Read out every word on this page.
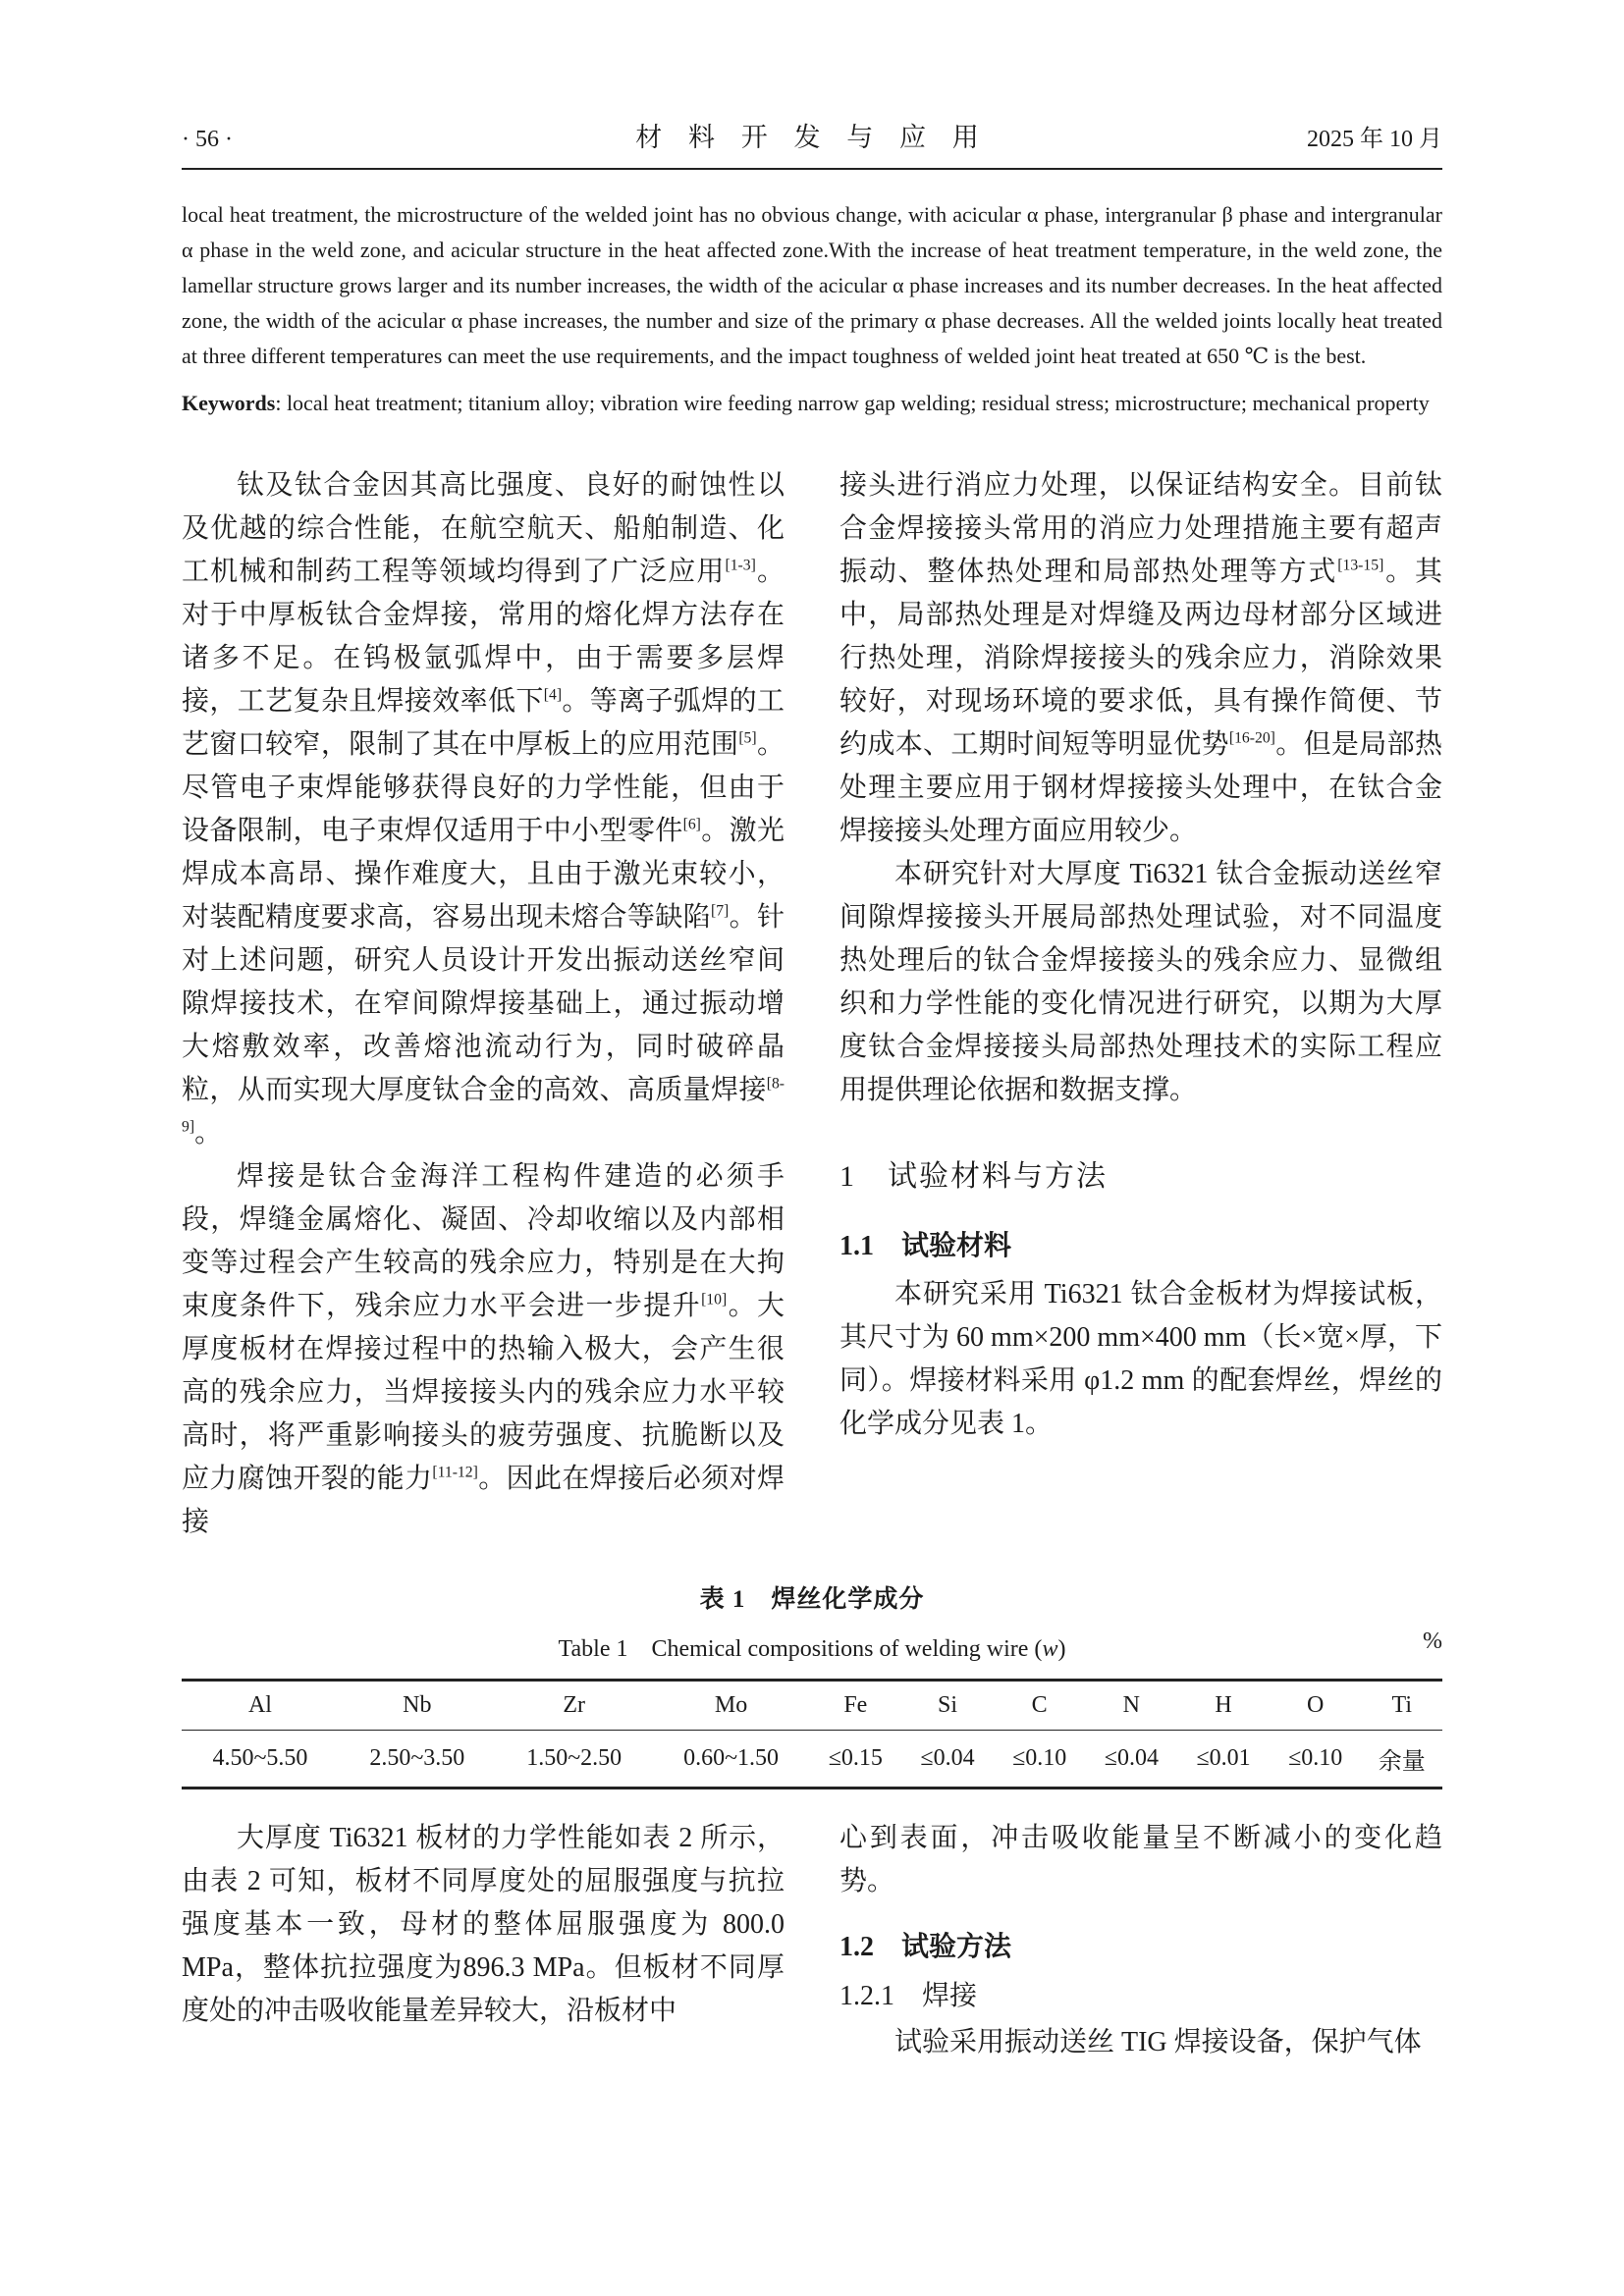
· 56 ·	材 料 开 发 与 应 用	2025 年 10 月

local heat treatment, the microstructure of the welded joint has no obvious change, with acicular α phase, intergranular β phase and intergranular α phase in the weld zone, and acicular structure in the heat affected zone.With the increase of heat treatment temperature, in the weld zone, the lamellar structure grows larger and its number increases, the width of the acicular α phase increases and its number decreases. In the heat affected zone, the width of the acicular α phase increases, the number and size of the primary α phase decreases. All the welded joints locally heat treated at three different temperatures can meet the use requirements, and the impact toughness of welded joint heat treated at 650 ℃ is the best.

Keywords: local heat treatment; titanium alloy; vibration wire feeding narrow gap welding; residual stress; microstructure; mechanical property

钛及钛合金因其高比强度、良好的耐蚀性以及优越的综合性能，在航空航天、船舶制造、化工机械和制药工程等领域均得到了广泛应用[1-3]。对于中厚板钛合金焊接，常用的熔化焊方法存在诸多不足。在钨极氩弧焊中，由于需要多层焊接，工艺复杂且焊接效率低下[4]。等离子弧焊的工艺窗口较窄，限制了其在中厚板上的应用范围[5]。尽管电子束焊能够获得良好的力学性能，但由于设备限制，电子束焊仅适用于中小型零件[6]。激光焊成本高昂、操作难度大，且由于激光束较小，对装配精度要求高，容易出现未熔合等缺陷[7]。针对上述问题，研究人员设计开发出振动送丝窄间隙焊接技术，在窄间隙焊接基础上，通过振动增大熔敷效率，改善熔池流动行为，同时破碎晶粒，从而实现大厚度钛合金的高效、高质量焊接[8-9]。

焊接是钛合金海洋工程构件建造的必须手段，焊缝金属熔化、凝固、冷却收缩以及内部相变等过程会产生较高的残余应力，特别是在大拘束度条件下，残余应力水平会进一步提升[10]。大厚度板材在焊接过程中的热输入极大，会产生很高的残余应力，当焊接接头内的残余应力水平较高时，将严重影响接头的疲劳强度、抗脆断以及应力腐蚀开裂的能力[11-12]。因此在焊接后必须对焊接

接头进行消应力处理，以保证结构安全。目前钛合金焊接接头常用的消应力处理措施主要有超声振动、整体热处理和局部热处理等方式[13-15]。其中，局部热处理是对焊缝及两边母材部分区域进行热处理，消除焊接接头的残余应力，消除效果较好，对现场环境的要求低，具有操作简便、节约成本、工期时间短等明显优势[16-20]。但是局部热处理主要应用于钢材焊接接头处理中，在钛合金焊接接头处理方面应用较少。

本研究针对大厚度 Ti6321 钛合金振动送丝窄间隙焊接接头开展局部热处理试验，对不同温度热处理后的钛合金焊接接头的残余应力、显微组织和力学性能的变化情况进行研究，以期为大厚度钛合金焊接接头局部热处理技术的实际工程应用提供理论依据和数据支撑。

1　试验材料与方法
1.1　试验材料

本研究采用 Ti6321 钛合金板材为焊接试板，其尺寸为 60 mm×200 mm×400 mm（长×宽×厚，下同）。焊接材料采用 φ1.2 mm 的配套焊丝，焊丝的化学成分见表 1。

表 1　焊丝化学成分
Table 1　Chemical compositions of welding wire (w)	%
Al	Nb	Zr	Mo	Fe	Si	C	N	H	O	Ti
4.50~5.50	2.50~3.50	1.50~2.50	0.60~1.50	≤0.15	≤0.04	≤0.10	≤0.04	≤0.01	≤0.10	余量

大厚度 Ti6321 板材的力学性能如表 2 所示，由表 2 可知，板材不同厚度处的屈服强度与抗拉强度基本一致，母材的整体屈服强度为 800.0 MPa，整体抗拉强度为896.3 MPa。但板材不同厚度处的冲击吸收能量差异较大，沿板材中

心到表面，冲击吸收能量呈不断减小的变化趋势。

1.2　试验方法
1.2.1　焊接

试验采用振动送丝 TIG 焊接设备，保护气体
